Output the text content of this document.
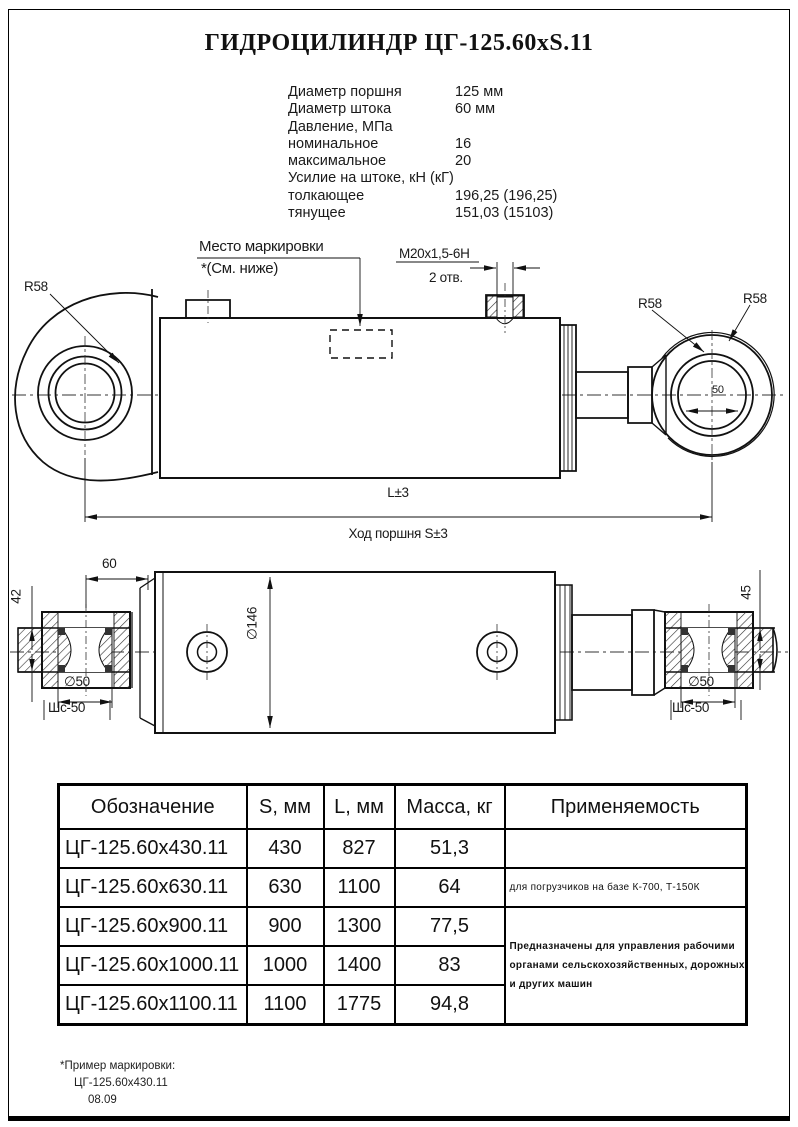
ГИДРОЦИЛИНДР ЦГ-125.60хS.11
Диаметр поршня	125 мм
Диаметр штока	60 мм
Давление, МПа
номинальное	16
максимальное	20
Усилие на штоке, кН (кГ)
толкающее	196,25 (196,25)
тянущее	151,03 (15103)
R58
Место маркировки
*(См. ниже)
М20х1,5-6Н
2 отв.
R58	R58
50
L±3
Ход поршня S±3
60
42
∅146
45
∅50
Шс-50
∅50
Шс-50
Обозначение	S, мм	L, мм	Масса, кг	Применяемость
ЦГ-125.60х430.11	430	827	51,3	
ЦГ-125.60х630.11	630	1100	64	для погрузчиков на базе К-700, Т-150К
ЦГ-125.60х900.11	900	1300	77,5	Предназначены для управления рабочими органами сельскохозяйственных, дорожных и других машин
ЦГ-125.60х1000.11	1000	1400	83	
ЦГ-125.60х1100.11	1100	1775	94,8	
*Пример маркировки:
ЦГ-125.60х430.11
08.09
